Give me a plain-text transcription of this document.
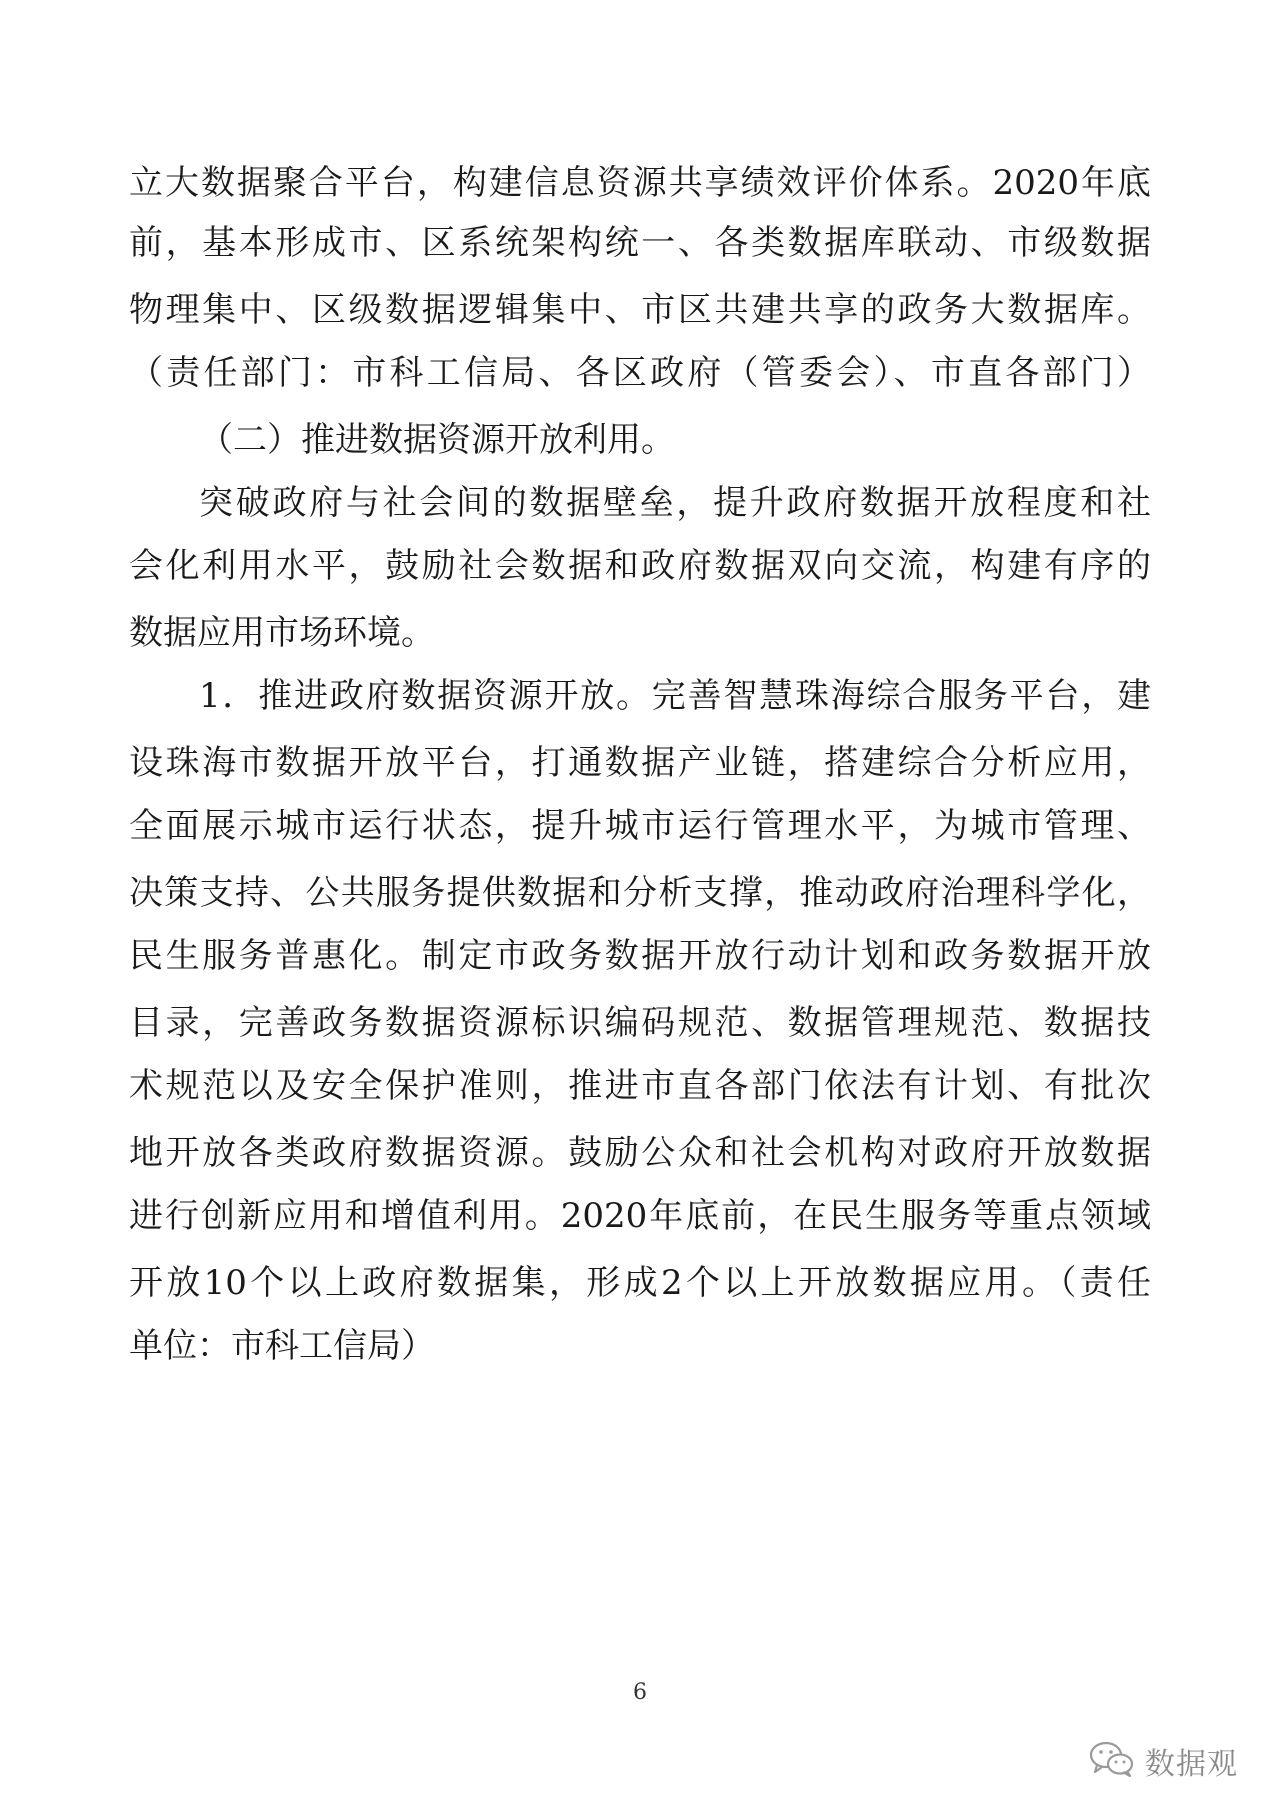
立大数据聚合平台，构建信息资源共享绩效评价体系。2020年底
前，基本形成市、区系统架构统一、各类数据库联动、市级数据
物理集中、区级数据逻辑集中、市区共建共享的政务大数据库。
（责任部门：市科工信局、各区政府（管委会）、市直各部门）
（二）推进数据资源开放利用。
突破政府与社会间的数据壁垒，提升政府数据开放程度和社
会化利用水平，鼓励社会数据和政府数据双向交流，构建有序的
数据应用市场环境。
1．推进政府数据资源开放。完善智慧珠海综合服务平台，建
设珠海市数据开放平台，打通数据产业链，搭建综合分析应用，
全面展示城市运行状态，提升城市运行管理水平，为城市管理、
决策支持、公共服务提供数据和分析支撑，推动政府治理科学化，
民生服务普惠化。制定市政务数据开放行动计划和政务数据开放
目录，完善政务数据资源标识编码规范、数据管理规范、数据技
术规范以及安全保护准则，推进市直各部门依法有计划、有批次
地开放各类政府数据资源。鼓励公众和社会机构对政府开放数据
进行创新应用和增值利用。2020年底前，在民生服务等重点领域
开放10个以上政府数据集，形成2个以上开放数据应用。（责任
单位：市科工信局）
6
数据观
